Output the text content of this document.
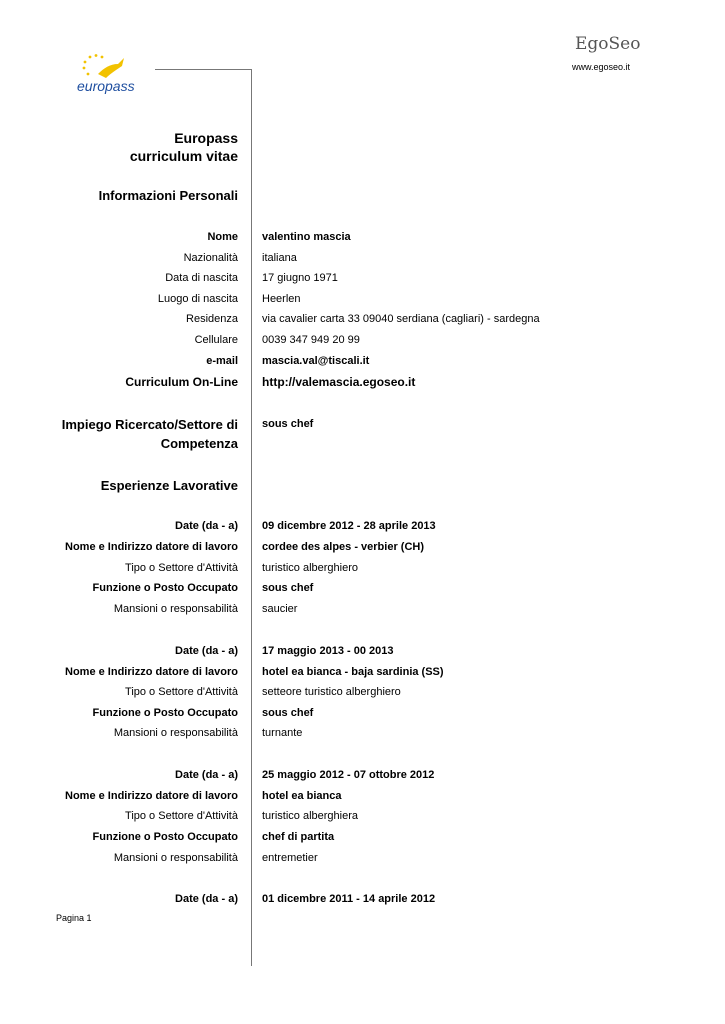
EgoSeo
www.egoseo.it
europass
Europass
curriculum vitae
Informazioni Personali
Nome valentino mascia
Nazionalità italiana
Data di nascita 17 giugno 1971
Luogo di nascita Heerlen
Residenza via cavalier carta 33 09040 serdiana (cagliari) - sardegna
Cellulare 0039 347 949 20 99
e-mail mascia.val@tiscali.it
Curriculum On-Line http://valemascia.egoseo.it
Impiego Ricercato/Settore di
Competenza
sous chef
Esperienze Lavorative
Date (da - a) 09 dicembre 2012 - 28 aprile 2013
Nome e Indirizzo datore di lavoro cordee des alpes - verbier (CH)
Tipo o Settore d'Attività turistico alberghiero
Funzione o Posto Occupato sous chef
Mansioni o responsabilità saucier
Date (da - a) 17 maggio 2013 - 00 2013
Nome e Indirizzo datore di lavoro hotel ea bianca - baja sardinia (SS)
Tipo o Settore d'Attività setteore turistico alberghiero
Funzione o Posto Occupato sous chef
Mansioni o responsabilità turnante
Date (da - a) 25 maggio 2012 - 07 ottobre 2012
Nome e Indirizzo datore di lavoro hotel ea bianca
Tipo o Settore d'Attività turistico alberghiera
Funzione o Posto Occupato chef di partita
Mansioni o responsabilità entremetier
Date (da - a) 01 dicembre 2011 - 14 aprile 2012
Pagina 1
